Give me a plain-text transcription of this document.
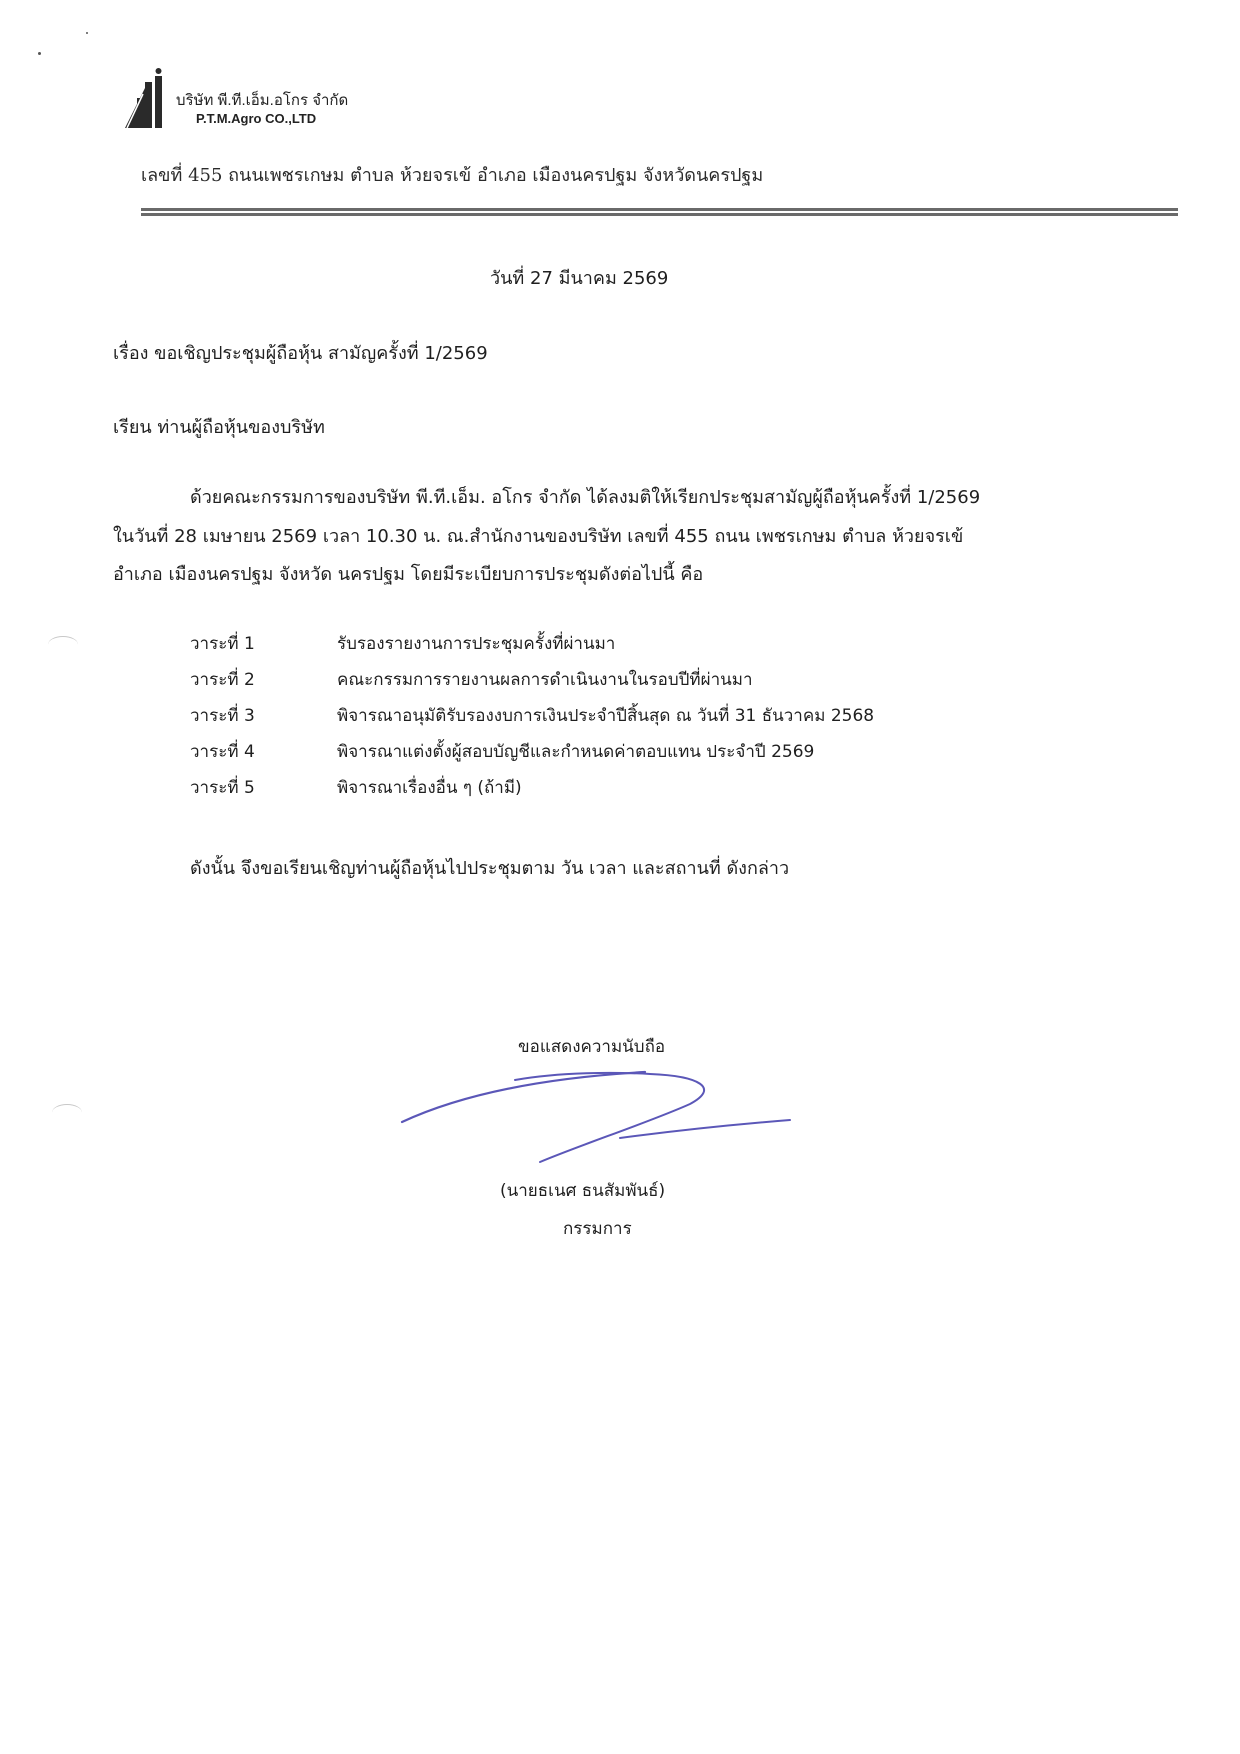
บริษัท พี.ที.เอ็ม.อโกร จำกัด
P.T.M.Agro CO.,LTD
เลขที่ 455 ถนนเพชรเกษม ตำบล ห้วยจรเข้ อำเภอ เมืองนครปฐม จังหวัดนครปฐม
วันที่ 27 มีนาคม 2569
เรื่อง ขอเชิญประชุมผู้ถือหุ้น สามัญครั้งที่ 1/2569
เรียน ท่านผู้ถือหุ้นของบริษัท
ด้วยคณะกรรมการของบริษัท พี.ที.เอ็ม. อโกร จำกัด ได้ลงมติให้เรียกประชุมสามัญผู้ถือหุ้นครั้งที่ 1/2569
ในวันที่ 28 เมษายน 2569 เวลา 10.30 น. ณ.สำนักงานของบริษัท เลขที่ 455 ถนน เพชรเกษม ตำบล ห้วยจรเข้
อำเภอ เมืองนครปฐม จังหวัด นครปฐม โดยมีระเบียบการประชุมดังต่อไปนี้ คือ
วาระที่ 1	รับรองรายงานการประชุมครั้งที่ผ่านมา
วาระที่ 2	คณะกรรมการรายงานผลการดำเนินงานในรอบปีที่ผ่านมา
วาระที่ 3	พิจารณาอนุมัติรับรองงบการเงินประจำปีสิ้นสุด ณ วันที่ 31 ธันวาคม 2568
วาระที่ 4	พิจารณาแต่งตั้งผู้สอบบัญชีและกำหนดค่าตอบแทน ประจำปี 2569
วาระที่ 5	พิจารณาเรื่องอื่น ๆ (ถ้ามี)
ดังนั้น จึงขอเรียนเชิญท่านผู้ถือหุ้นไปประชุมตาม วัน เวลา และสถานที่ ดังกล่าว
ขอแสดงความนับถือ
(นายธเนศ ธนสัมพันธ์)
กรรมการ
